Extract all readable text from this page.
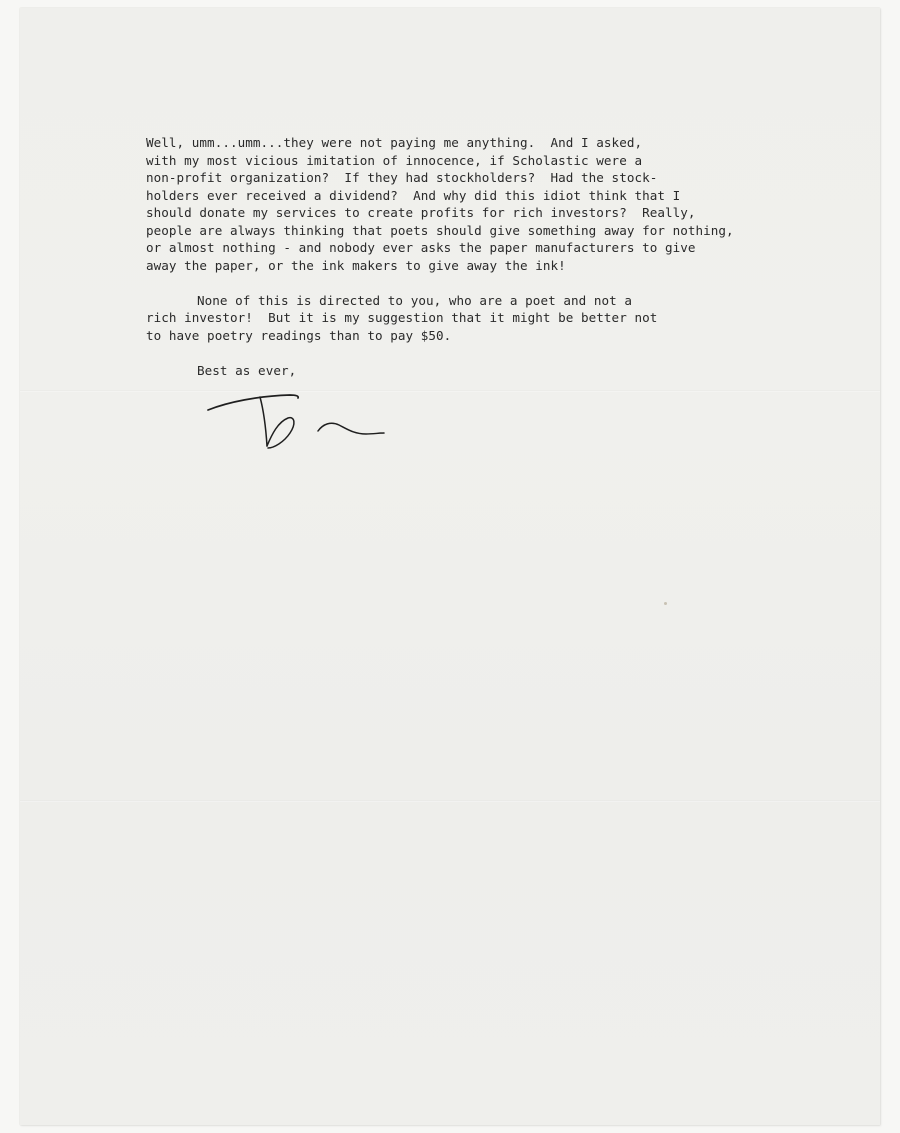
Well, umm...umm...they were not paying me anything.  And I asked,
with my most vicious imitation of innocence, if Scholastic were a
non-profit organization?  If they had stockholders?  Had the stock-
holders ever received a dividend?  And why did this idiot think that I
should donate my services to create profits for rich investors?  Really,
people are always thinking that poets should give something away for nothing,
or almost nothing - and nobody ever asks the paper manufacturers to give
away the paper, or the ink makers to give away the ink!
None of this is directed to you, who are a poet and not a
rich investor!  But it is my suggestion that it might be better not
to have poetry readings than to pay $50.
Best as ever,
